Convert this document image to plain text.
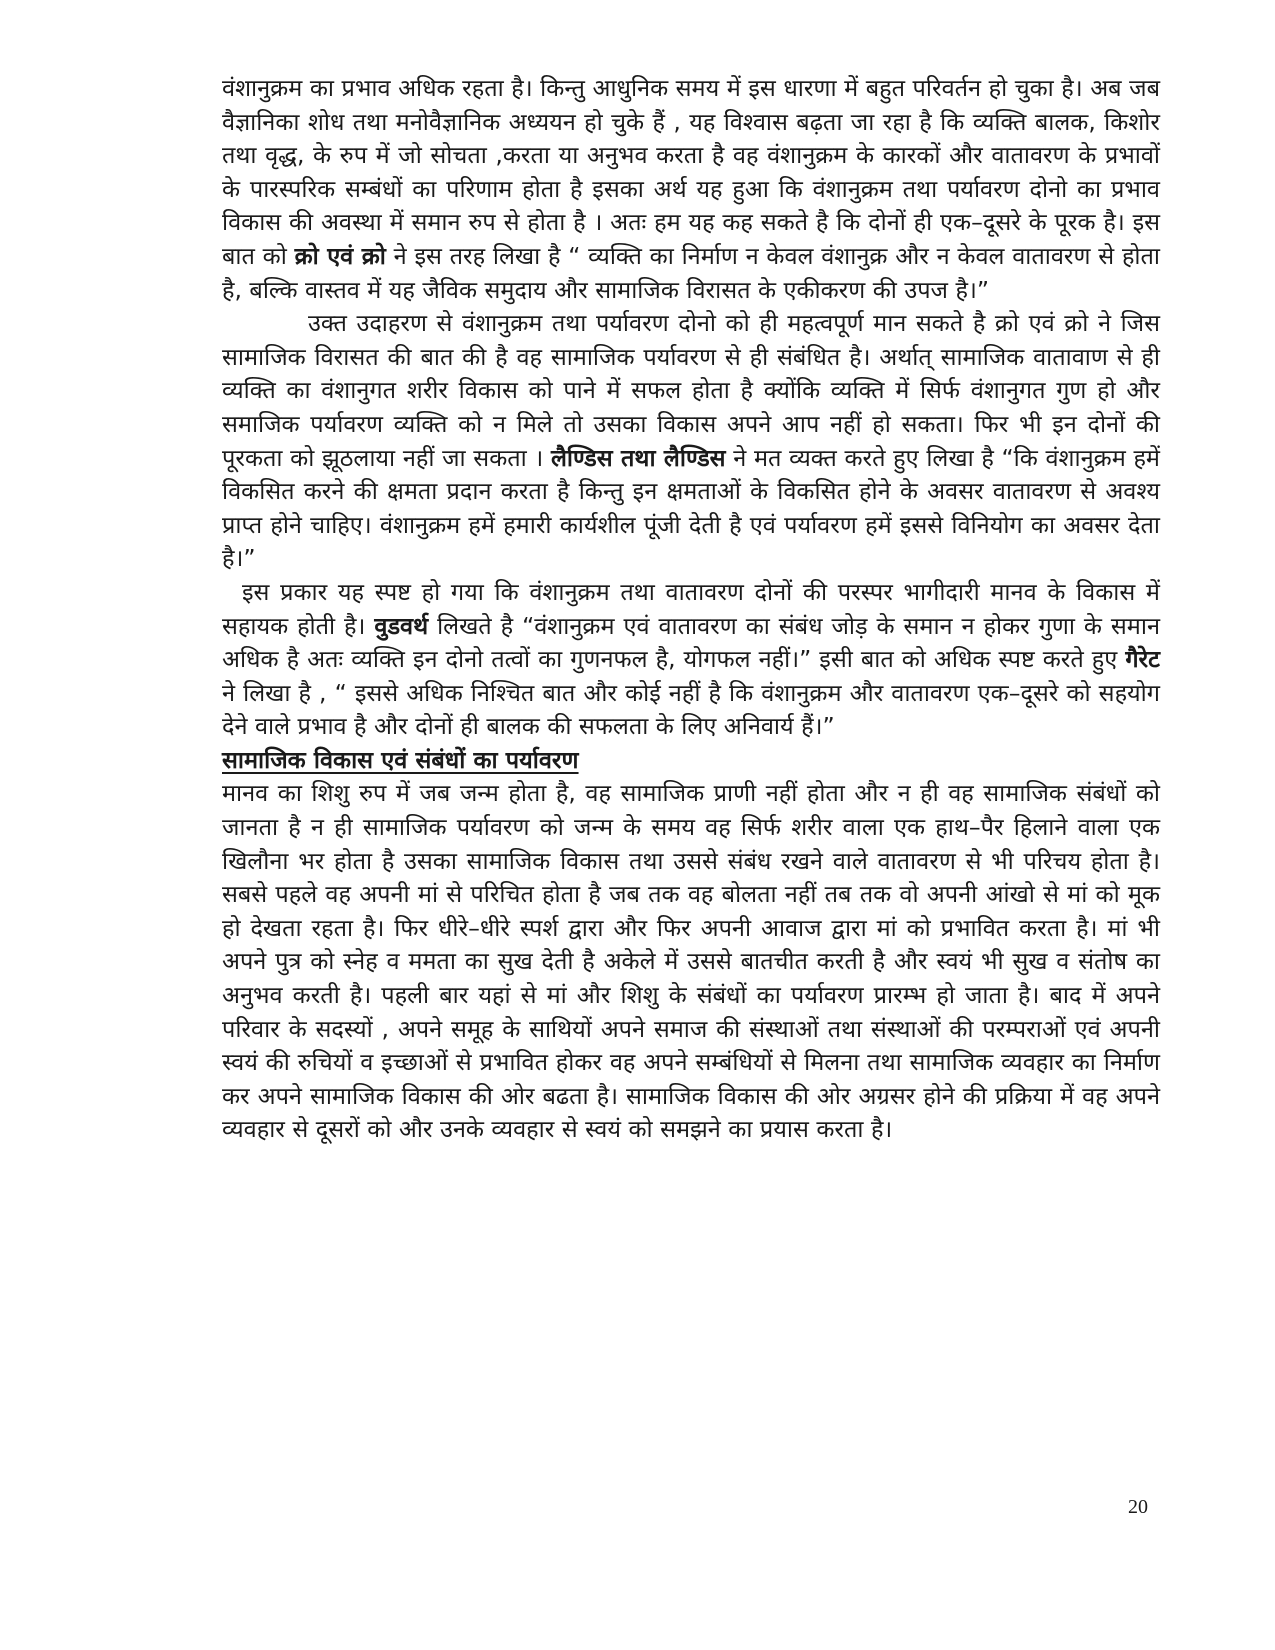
वंशानुक्रम का प्रभाव अधिक रहता है। किन्तु आधुनिक समय में इस धारणा में बहुत परिवर्तन हो चुका है। अब जब वैज्ञानिका शोध तथा मनोवैज्ञानिक अध्ययन हो चुके हैं , यह विश्वास बढ़ता जा रहा है कि व्यक्ति बालक, किशोर तथा वृद्ध, के रुप में जो सोचता ,करता या अनुभव करता है वह वंशानुक्रम के कारकों और वातावरण के प्रभावों के पारस्परिक सम्बंधों का परिणाम होता है इसका अर्थ यह हुआ कि वंशानुक्रम तथा पर्यावरण दोनो का प्रभाव विकास की अवस्था में समान रुप से होता है । अतः हम यह कह सकते है कि दोनों ही एक–दूसरे के पूरक है। इस बात को क्रो एवं क्रो ने इस तरह लिखा है “ व्यक्ति का निर्माण न केवल वंशानुक्र और न केवल वातावरण से होता है, बल्कि वास्तव में यह जैविक समुदाय और सामाजिक विरासत के एकीकरण की उपज है।”

उक्त उदाहरण से वंशानुक्रम तथा पर्यावरण दोनो को ही महत्वपूर्ण मान सकते है क्रो एवं क्रो ने जिस सामाजिक विरासत की बात की है वह सामाजिक पर्यावरण से ही संबंधित है। अर्थात् सामाजिक वातावाण से ही व्यक्ति का वंशानुगत शरीर विकास को पाने में सफल होता है क्योंकि व्यक्ति में सिर्फ वंशानुगत गुण हो और समाजिक पर्यावरण व्यक्ति को न मिले तो उसका विकास अपने आप नहीं हो सकता। फिर भी इन दोनों की पूरकता को झूठलाया नहीं जा सकता । लैण्डिस तथा लैण्डिस ने मत व्यक्त करते हुए लिखा है “कि वंशानुक्रम हमें विकसित करने की क्षमता प्रदान करता है किन्तु इन क्षमताओं के विकसित होने के अवसर वातावरण से अवश्य प्राप्त होने चाहिए। वंशानुक्रम हमें हमारी कार्यशील पूंजी देती है एवं पर्यावरण हमें इससे विनियोग का अवसर देता है।”

इस प्रकार यह स्पष्ट हो गया कि वंशानुक्रम तथा वातावरण दोनों की परस्पर भागीदारी मानव के विकास में सहायक होती है। वुडवर्थ लिखते है “वंशानुक्रम एवं वातावरण का संबंध जोड़ के समान न होकर गुणा के समान अधिक है अतः व्यक्ति इन दोनो तत्वों का गुणनफल है, योगफल नहीं।” इसी बात को अधिक स्पष्ट करते हुए गैरेट ने लिखा है , “ इससे अधिक निश्चित बात और कोई नहीं है कि वंशानुक्रम और वातावरण एक–दूसरे को सहयोग देने वाले प्रभाव है और दोनों ही बालक की सफलता के लिए अनिवार्य हैं।”

सामाजिक विकास एवं संबंधों का पर्यावरण

मानव का शिशु रुप में जब जन्म होता है, वह सामाजिक प्राणी नहीं होता और न ही वह सामाजिक संबंधों को जानता है न ही सामाजिक पर्यावरण को जन्म के समय वह सिर्फ शरीर वाला एक हाथ–पैर हिलाने वाला एक खिलौना भर होता है उसका सामाजिक विकास तथा उससे संबंध रखने वाले वातावरण से भी परिचय होता है। सबसे पहले वह अपनी मां से परिचित होता है जब तक वह बोलता नहीं तब तक वो अपनी आंखो से मां को मूक हो देखता रहता है। फिर धीरे–धीरे स्पर्श द्वारा और फिर अपनी आवाज द्वारा मां को प्रभावित करता है। मां भी अपने पुत्र को स्नेह व ममता का सुख देती है अकेले में उससे बातचीत करती है और स्वयं भी सुख व संतोष का अनुभव करती है। पहली बार यहां से मां और शिशु के संबंधों का पर्यावरण प्रारम्भ हो जाता है। बाद में अपने परिवार के सदस्यों , अपने समूह के साथियों अपने समाज की संस्थाओं तथा संस्थाओं की परम्पराओं एवं अपनी स्वयं की रुचियों व इच्छाओं से प्रभावित होकर वह अपने सम्बंधियों से मिलना तथा सामाजिक व्यवहार का निर्माण कर अपने सामाजिक विकास की ओर बढता है। सामाजिक विकास की ओर अग्रसर होने की प्रक्रिया में वह अपने व्यवहार से दूसरों को और उनके व्यवहार से स्वयं को समझने का प्रयास करता है।

20
